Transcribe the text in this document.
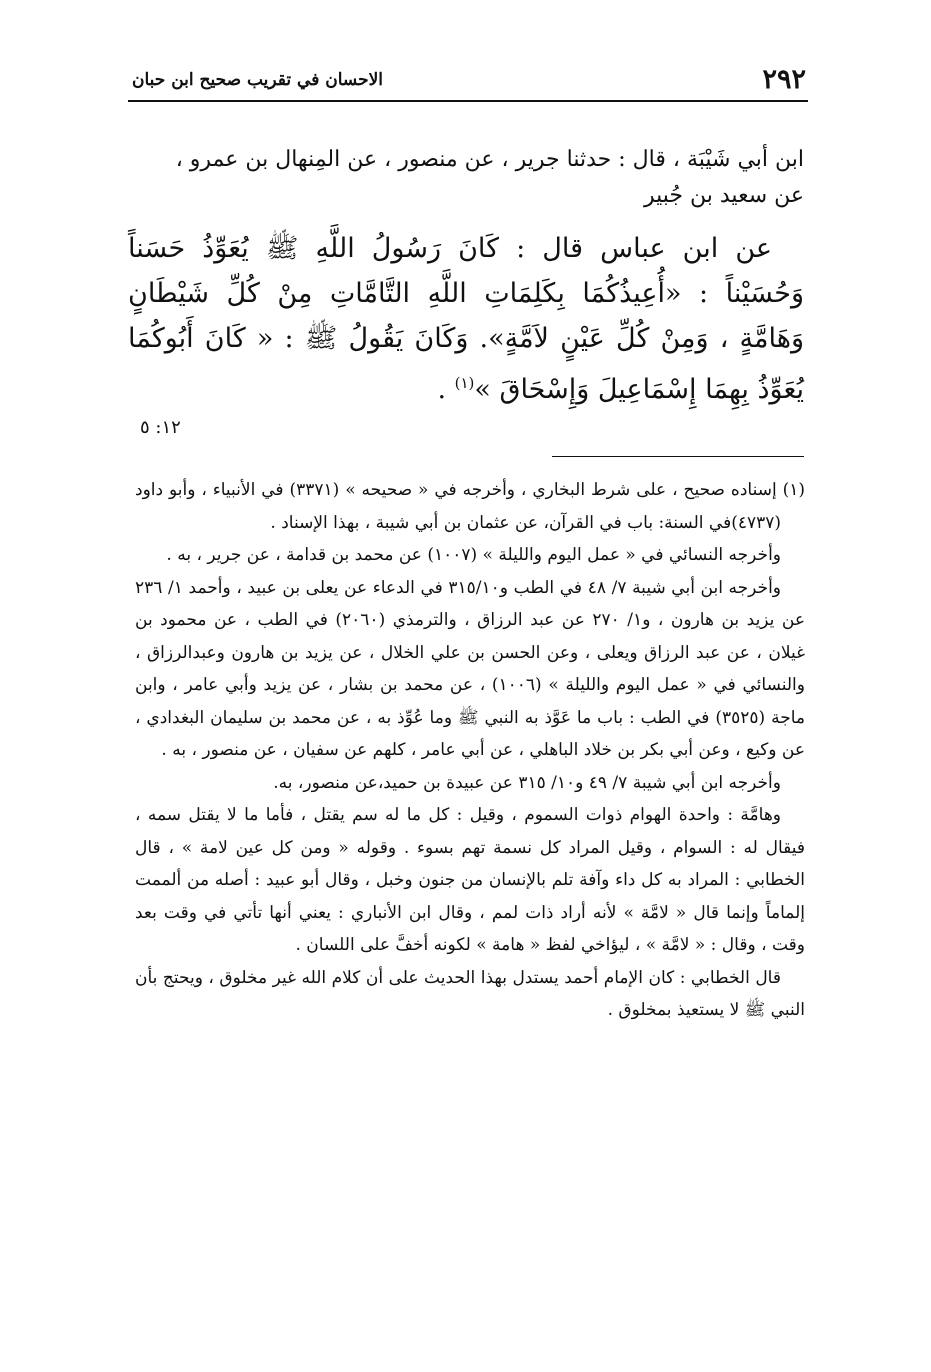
٢٩٢
الاحسان في تقريب صحيح ابن حبان

ابن أبي شَيْبَة ، قال : حدثنا جرير ، عن منصور ، عن المِنهال بن عمرو ،

عن سعيد بن جُبير

عن ابن عباس قال : كَانَ رَسُولُ اللَّهِ ﷺ يُعَوِّذُ حَسَناً وَحُسَيْناً : «أُعِيذُكُمَا بِكَلِمَاتِ اللَّهِ التَّامَّاتِ مِنْ كُلِّ شَيْطَانٍ وَهَامَّةٍ ، وَمِنْ كُلِّ عَيْنٍ لاَمَّةٍ». وَكَانَ يَقُولُ ﷺ : « كَانَ أَبُوكُمَا يُعَوِّذُ بِهِمَا إِسْمَاعِيلَ وَإِسْحَاقَ »$^{(١)}$ .

١٢: ٥

(١) إسناده صحيح ، على شرط البخاري ، وأخرجه في « صحيحه » (٣٣٧١) في الأنبياء ، وأبو داود (٤٧٣٧)في السنة: باب في القرآن، عن عثمان بن أبي شيبة ، بهذا الإسناد .

وأخرجه النسائي في « عمل اليوم والليلة » (١٠٠٧) عن محمد بن قدامة ، عن جرير ، به .

وأخرجه ابن أبي شيبة ٧/ ٤٨ في الطب و٣١٥/١٠ في الدعاء عن يعلى بن عبيد ، وأحمد ١/ ٢٣٦ عن يزيد بن هارون ، و١/ ٢٧٠ عن عبد الرزاق ، والترمذي (٢٠٦٠) في الطب ، عن محمود بن غيلان ، عن عبد الرزاق ويعلى ، وعن الحسن بن علي الخلال ، عن يزيد بن هارون وعبدالرزاق ، والنسائي في « عمل اليوم والليلة » (١٠٠٦) ، عن محمد بن بشار ، عن يزيد وأبي عامر ، وابن ماجة (٣٥٢٥) في الطب : باب ما عَوَّذ به النبي ﷺ وما عُوِّذ به ، عن محمد بن سليمان البغدادي ، عن وكيع ، وعن أبي بكر بن خلاد الباهلي ، عن أبي عامر ، كلهم عن سفيان ، عن منصور ، به .

وأخرجه ابن أبي شيبة ٧/ ٤٩ و١٠/ ٣١٥ عن عبيدة بن حميد،عن منصور، به.

وهامَّة : واحدة الهوام ذوات السموم ، وقيل : كل ما له سم يقتل ، فأما ما لا يقتل سمه ، فيقال له : السوام ، وقيل المراد كل نسمة تهم بسوء . وقوله « ومن كل عين لامة » ، قال الخطابي : المراد به كل داء وآفة تلم بالإنسان من جنون وخبل ، وقال أبو عبيد : أصله من ألممت إلماماً وإنما قال « لامَّة » لأنه أراد ذات لمم ، وقال ابن الأنباري : يعني أنها تأتي في وقت بعد وقت ، وقال : « لامَّة » ، ليؤاخي لفظ « هامة » لكونه أخفَّ على اللسان .

قال الخطابي : كان الإمام أحمد يستدل بهذا الحديث على أن كلام الله غير مخلوق ، ويحتج بأن النبي ﷺ لا يستعيذ بمخلوق .
